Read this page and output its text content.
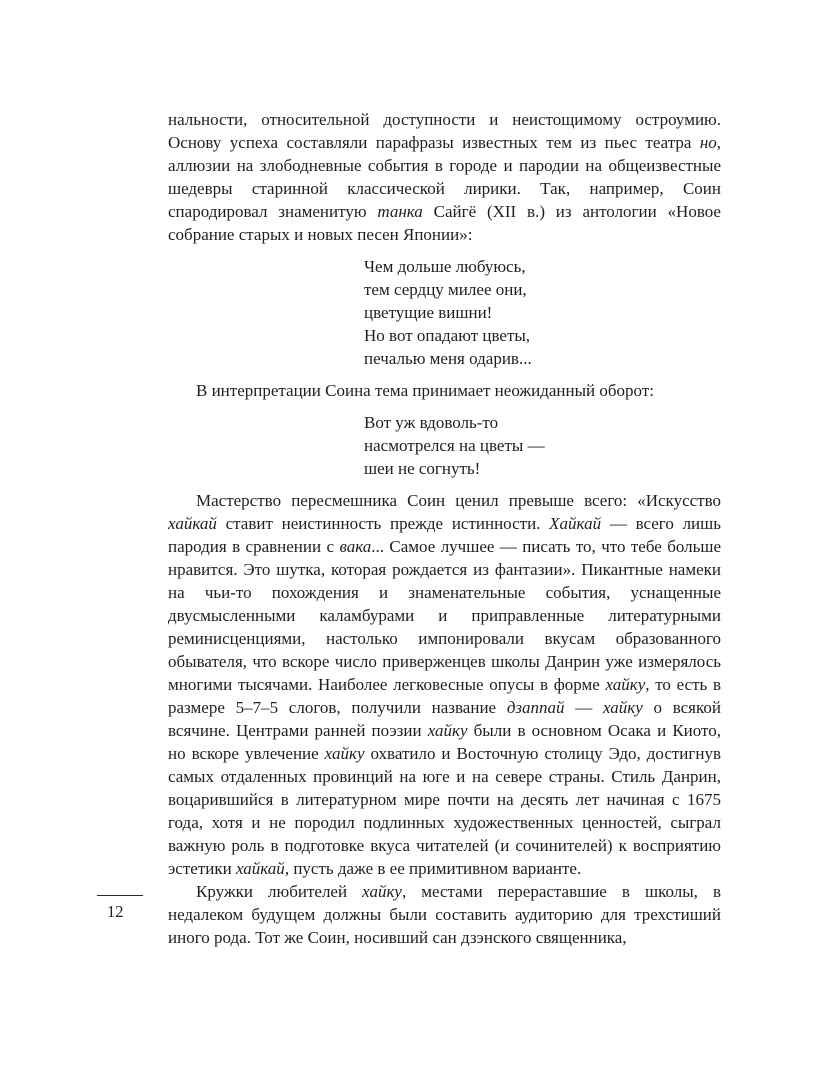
нальности, относительной доступности и неистощимому остроумию. Основу успеха составляли парафразы известных тем из пьес театра но, аллюзии на злободневные события в городе и пародии на общеизвестные шедевры старинной классической лирики. Так, например, Соин спародировал знаменитую танка Сайгё (XII в.) из антологии «Новое собрание старых и новых песен Японии»:

Чем дольше любуюсь,
тем сердцу милее они,
цветущие вишни!
Но вот опадают цветы,
печалью меня одарив...

В интерпретации Соина тема принимает неожиданный оборот:

Вот уж вдоволь-то
насмотрелся на цветы —
шеи не согнуть!

Мастерство пересмешника Соин ценил превыше всего: «Искусство хайкай ставит неистинность прежде истинности. Хайкай — всего лишь пародия в сравнении с вака... Самое лучшее — писать то, что тебе больше нравится. Это шутка, которая рождается из фантазии». Пикантные намеки на чьи-то похождения и знаменательные события, уснащенные двусмысленными каламбурами и приправленные литературными реминисценциями, настолько импонировали вкусам образованного обывателя, что вскоре число приверженцев школы Данрин уже измерялось многими тысячами. Наиболее легковесные опусы в форме хайку, то есть в размере 5–7–5 слогов, получили название дзаппай — хайку о всякой всячине. Центрами ранней поэзии хайку были в основном Осака и Киото, но вскоре увлечение хайку охватило и Восточную столицу Эдо, достигнув самых отдаленных провинций на юге и на севере страны. Стиль Данрин, воцарившийся в литературном мире почти на десять лет начиная с 1675 года, хотя и не породил подлинных художественных ценностей, сыграл важную роль в подготовке вкуса читателей (и сочинителей) к восприятию эстетики хайкай, пусть даже в ее примитивном варианте.

Кружки любителей хайку, местами перераставшие в школы, в недалеком будущем должны были составить аудиторию для трехстиший иного рода. Тот же Соин, носивший сан дзэнского священника,

12
